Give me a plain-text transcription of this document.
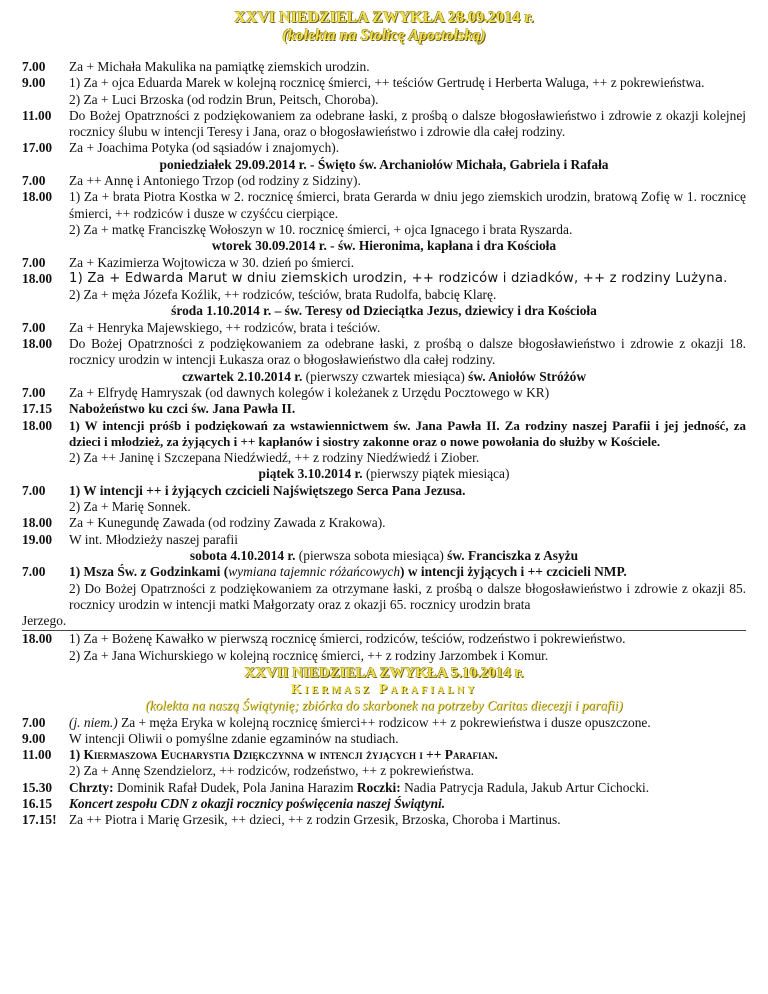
XXVI NIEDZIELA ZWYKŁA 28.09.2014 r.
(kolekta na Stolicę Apostolską)
7.00	Za + Michała Makulika na pamiątkę ziemskich urodzin.
9.00	1) Za + ojca Eduarda Marek w kolejną rocznicę śmierci, ++ teściów Gertrudę i Herberta Waluga, ++ z pokrewieństwa.
2) Za + Luci Brzoska (od rodzin Brun, Peitsch, Choroba).
11.00	Do Bożej Opatrzności z podziękowaniem za odebrane łaski, z prośbą o dalsze błogosławieństwo i zdrowie z okazji kolejnej rocznicy ślubu w intencji Teresy i Jana, oraz o błogosławieństwo i zdrowie dla całej rodziny.
17.00	Za + Joachima Potyka (od sąsiadów i znajomych).
poniedziałek 29.09.2014 r. - Święto św. Archaniołów Michała, Gabriela i Rafała
7.00	Za ++ Annę i Antoniego Trzop (od rodziny z Sidziny).
18.00	1) Za + brata Piotra Kostka w 2. rocznicę śmierci, brata Gerarda w dniu jego ziemskich urodzin, bratową Zofię w 1. rocznicę śmierci, ++ rodziców i dusze w czyśćcu cierpiące.
2) Za + matkę Franciszkę Wołoszyn w 10. rocznicę śmierci, + ojca Ignacego i brata Ryszarda.
wtorek 30.09.2014 r. - św. Hieronima, kapłana i dra Kościoła
7.00	Za + Kazimierza Wojtowicza w 30. dzień po śmierci.
18.00	1) Za + Edwarda Marut w dniu ziemskich urodzin, ++ rodziców i dziadków, ++ z rodziny Lużyna.
2) Za + męża Józefa Koźlik, ++ rodziców, teściów, brata Rudolfa, babcię Klarę.
środa 1.10.2014 r. – św. Teresy od Dzieciątka Jezus, dziewicy i dra Kościoła
7.00	Za + Henryka Majewskiego, ++ rodziców, brata i teściów.
18.00	Do Bożej Opatrzności z podziękowaniem za odebrane łaski, z prośbą o dalsze błogosławieństwo i zdrowie z okazji 18. rocznicy urodzin w intencji Łukasza oraz o błogosławieństwo dla całej rodziny.
czwartek 2.10.2014 r. (pierwszy czwartek miesiąca) św. Aniołów Stróżów
7.00	Za + Elfrydę Hamryszak (od dawnych kolegów i koleżanek z Urzędu Pocztowego w KR)
17.15	Nabożeństwo ku czci św. Jana Pawła II.
18.00	1) W intencji próśb i podziękowań za wstawiennictwem św. Jana Pawła II. Za rodziny naszej Parafii i jej jedność, za dzieci i młodzież, za żyjących i ++ kapłanów i siostry zakonne oraz o nowe powołania do służby w Kościele.
2) Za ++ Janinę i Szczepana Niedźwiedź, ++ z rodziny Niedźwiedź i Ziober.
piątek 3.10.2014 r. (pierwszy piątek miesiąca)
7.00	1) W intencji ++ i żyjących czcicieli Najświętszego Serca Pana Jezusa.
2) Za + Marię Sonnek.
18.00	Za + Kunegundę Zawada (od rodziny Zawada z Krakowa).
19.00	W int. Młodzieży naszej parafii
sobota 4.10.2014 r. (pierwsza sobota miesiąca) św. Franciszka z Asyżu
7.00	1) Msza Św. z Godzinkami (wymiana tajemnic różańcowych) w intencji żyjących i ++ czcicieli NMP.
2) Do Bożej Opatrzności z podziękowaniem za otrzymane łaski, z prośbą o dalsze błogosławieństwo i zdrowie z okazji 85. rocznicy urodzin w intencji matki Małgorzaty oraz z okazji 65. rocznicy urodzin brata
Jerzego.
18.00	1) Za + Bożenę Kawałko w pierwszą rocznicę śmierci, rodziców, teściów, rodzeństwo i pokrewieństwo.
2) Za + Jana Wichurskiego w kolejną rocznicę śmierci, ++ z rodziny Jarzombek i Komur.
XXVII NIEDZIELA ZWYKŁA 5.10.2014 r.
Kiermasz Parafialny
(kolekta na naszą Świątynię; zbiórka do skarbonek na potrzeby Caritas diecezji i parafii)
7.00	(j. niem.) Za + męża Eryka w kolejną rocznicę śmierci++ rodzicow ++ z pokrewieństwa i dusze opuszczone.
9.00	W intencji Oliwii o pomyślne zdanie egzaminów na studiach.
11.00	1) Kiermaszowa Eucharystia Dziękczynna w intencji żyjących i ++ Parafian.
2) Za + Annę Szendzielorz, ++ rodziców, rodzeństwo, ++ z pokrewieństwa.
15.30	Chrzty: Dominik Rafał Dudek, Pola Janina Harazim Roczki: Nadia Patrycja Radula, Jakub Artur Cichocki.
16.15	Koncert zespołu CDN z okazji rocznicy poświęcenia naszej Świątyni.
17.15! Za ++ Piotra i Marię Grzesik, ++ dzieci, ++ z rodzin Grzesik, Brzoska, Choroba i Martinus.
